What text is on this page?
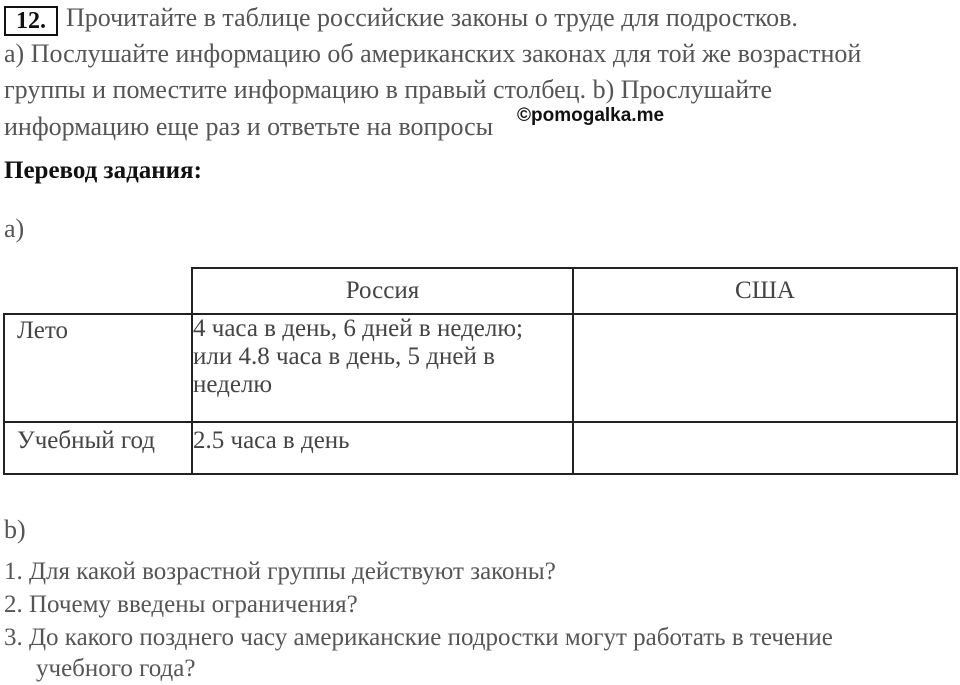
12. Прочитайте в таблице российские законы о труде для подростков.
a) Послушайте информацию об американских законах для той же возрастной
группы и поместите информацию в правый столбец. b) Прослушайте
информацию еще раз и ответьте на вопросы ©pomogalka.me
Перевод задания:
a)
	Россия	США
Лето	4 часа в день, 6 дней в неделю;
или 4.8 часа в день, 5 дней в
неделю	

Учебный год	2.5 часа в день	

b)
1. Для какой возрастной группы действуют законы?
2. Почему введены ограничения?
3. До какого позднего часу американские подростки могут работать в течение
учебного года?
